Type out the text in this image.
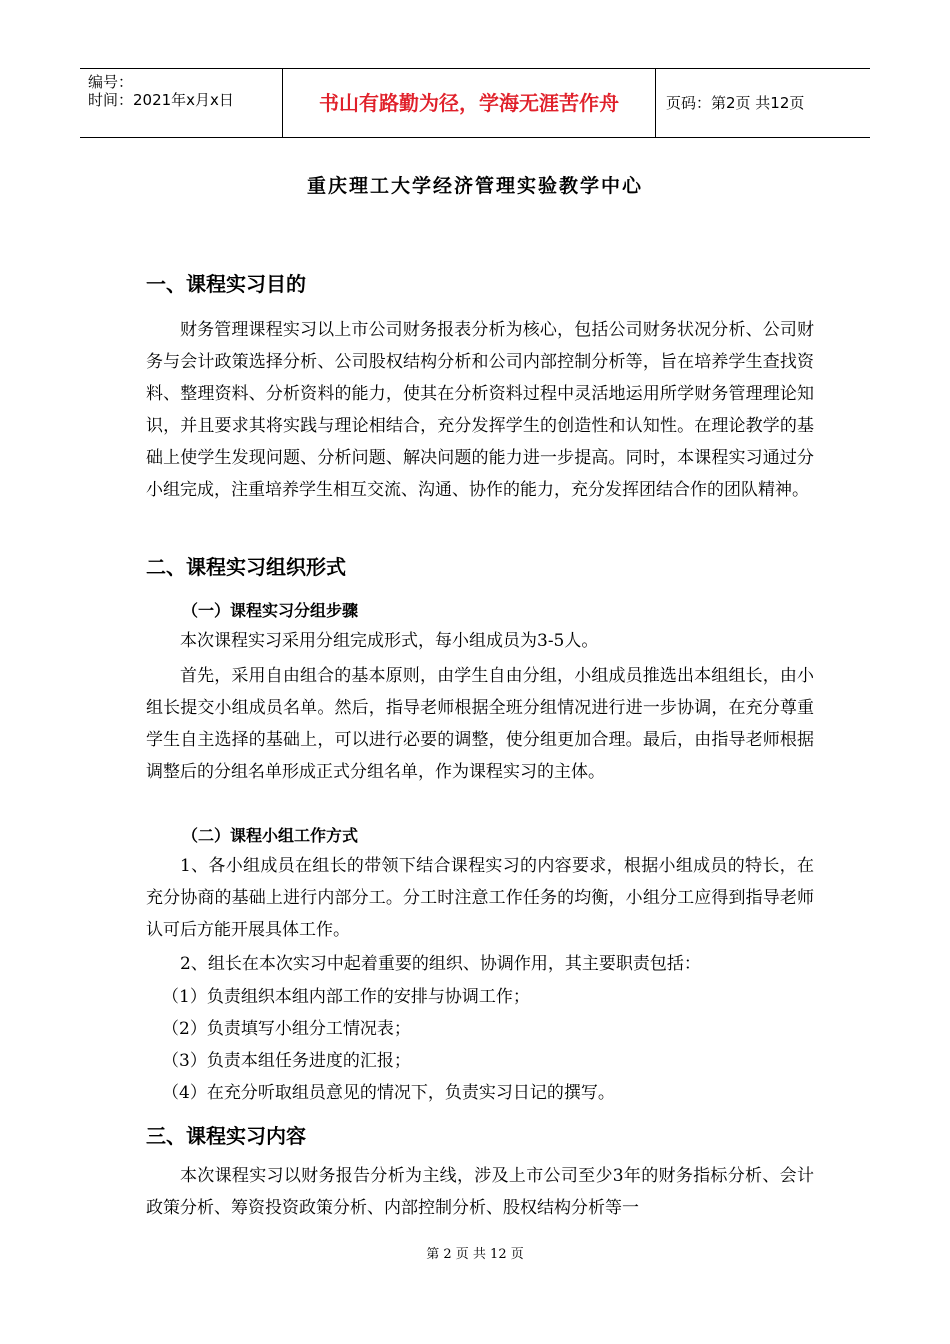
编号：
时间：2021年x月x日	书山有路勤为径，学海无涯苦作舟	页码：第2页 共12页
重庆理工大学经济管理实验教学中心
一、课程实习目的

财务管理课程实习以上市公司财务报表分析为核心，包括公司财务状况分析、公司财务与会计政策选择分析、公司股权结构分析和公司内部控制分析等，旨在培养学生查找资料、整理资料、分析资料的能力，使其在分析资料过程中灵活地运用所学财务管理理论知识，并且要求其将实践与理论相结合，充分发挥学生的创造性和认知性。在理论教学的基础上使学生发现问题、分析问题、解决问题的能力进一步提高。同时，本课程实习通过分小组完成，注重培养学生相互交流、沟通、协作的能力，充分发挥团结合作的团队精神。

二、课程实习组织形式
（一）课程实习分组步骤
本次课程实习采用分组完成形式，每小组成员为3-5人。

首先，采用自由组合的基本原则，由学生自由分组，小组成员推选出本组组长，由小组长提交小组成员名单。然后，指导老师根据全班分组情况进行进一步协调，在充分尊重学生自主选择的基础上，可以进行必要的调整，使分组更加合理。最后，由指导老师根据调整后的分组名单形成正式分组名单，作为课程实习的主体。

（二）课程小组工作方式

1、各小组成员在组长的带领下结合课程实习的内容要求，根据小组成员的特长，在充分协商的基础上进行内部分工。分工时注意工作任务的均衡，小组分工应得到指导老师认可后方能开展具体工作。

2、组长在本次实习中起着重要的组织、协调作用，其主要职责包括：
（1）负责组织本组内部工作的安排与协调工作；
（2）负责填写小组分工情况表；
（3）负责本组任务进度的汇报；
（4）在充分听取组员意见的情况下，负责实习日记的撰写。
三、课程实习内容

本次课程实习以财务报告分析为主线，涉及上市公司至少3年的财务指标分析、会计政策分析、筹资投资政策分析、内部控制分析、股权结构分析等一

第 2 页 共 12 页
